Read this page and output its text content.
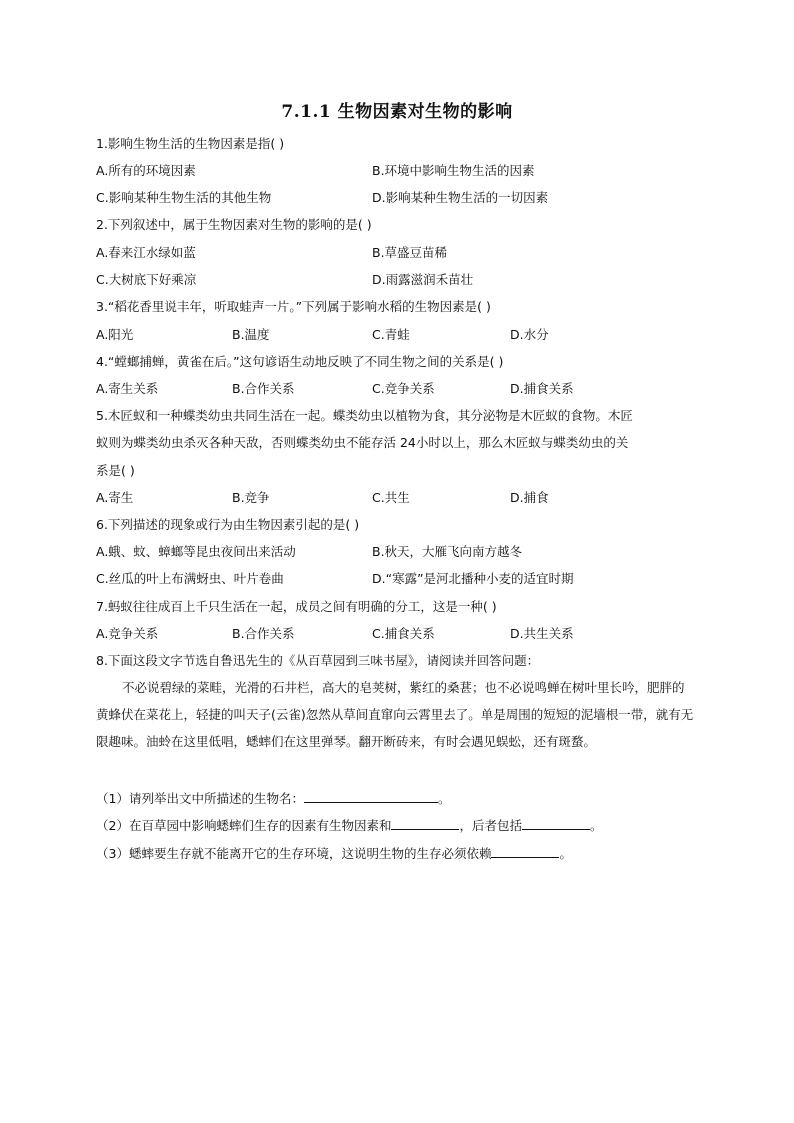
7.1.1 生物因素对生物的影响
1.影响生物生活的生物因素是指( )
A.所有的环境因素	B.环境中影响生物生活的因素
C.影响某种生物生活的其他生物	D.影响某种生物生活的一切因素
2.下列叙述中，属于生物因素对生物的影响的是( )
A.春来江水绿如蓝	B.草盛豆苗稀
C.大树底下好乘凉	D.雨露滋润禾苗壮
3.“稻花香里说丰年，听取蛙声一片。”下列属于影响水稻的生物因素是( )
A.阳光	B.温度	C.青蛙	D.水分
4.“螳螂捕蝉，黄雀在后。”这句谚语生动地反映了不同生物之间的关系是( )
A.寄生关系	B.合作关系	C.竞争关系	D.捕食关系
5.木匠蚁和一种蝶类幼虫共同生活在一起。蝶类幼虫以植物为食，其分泌物是木匠蚁的食物。木匠
蚁则为蝶类幼虫杀灭各种天敌，否则蝶类幼虫不能存活 24小时以上，那么木匠蚁与蝶类幼虫的关
系是( )
A.寄生	B.竞争	C.共生	D.捕食
6.下列描述的现象或行为由生物因素引起的是( )
A.蛾、蚊、蟑螂等昆虫夜间出来活动	B.秋天，大雁飞向南方越冬
C.丝瓜的叶上布满蚜虫、叶片卷曲	D.“寒露”是河北播种小麦的适宜时期
7.蚂蚁往往成百上千只生活在一起，成员之间有明确的分工，这是一种( )
A.竞争关系	B.合作关系	C.捕食关系	D.共生关系
8.下面这段文字节选自鲁迅先生的《从百草园到三味书屋》，请阅读并回答问题：
不必说碧绿的菜畦，光滑的石井栏，高大的皂荚树，紫红的桑葚；也不必说鸣蝉在树叶里长吟，肥胖的黄蜂伏在菜花上，轻捷的叫天子(云雀)忽然从草间直窜向云霄里去了。单是周围的短短的泥墙根一带，就有无限趣味。油蛉在这里低唱，蟋蟀们在这里弹琴。翻开断砖来，有时会遇见蜈蚣，还有斑蝥。
（1）请列举出文中所描述的生物名：	。
（2）在百草园中影响蟋蟀们生存的因素有生物因素和	，后者包括	。
（3）蟋蟀要生存就不能离开它的生存环境，这说明生物的生存必须依赖	。
